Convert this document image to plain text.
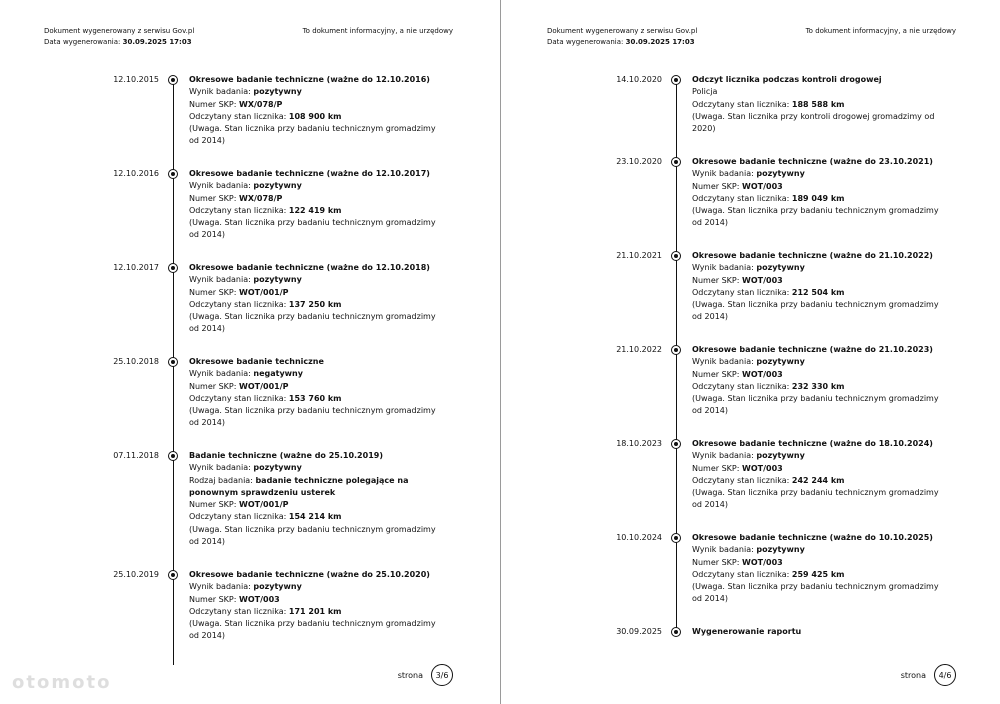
Dokument wygenerowany z serwisu Gov.pl
Data wygenerowania: 30.09.2025 17:03
To dokument informacyjny, a nie urzędowy
12.10.2015	Okresowe badanie techniczne (ważne do 12.10.2016)
Wynik badania: pozytywny
Numer SKP: WX/078/P
Odczytany stan licznika: 108 900 km
(Uwaga. Stan licznika przy badaniu technicznym gromadzimy od 2014)
12.10.2016	Okresowe badanie techniczne (ważne do 12.10.2017)
Wynik badania: pozytywny
Numer SKP: WX/078/P
Odczytany stan licznika: 122 419 km
(Uwaga. Stan licznika przy badaniu technicznym gromadzimy od 2014)
12.10.2017	Okresowe badanie techniczne (ważne do 12.10.2018)
Wynik badania: pozytywny
Numer SKP: WOT/001/P
Odczytany stan licznika: 137 250 km
(Uwaga. Stan licznika przy badaniu technicznym gromadzimy od 2014)
25.10.2018	Okresowe badanie techniczne
Wynik badania: negatywny
Numer SKP: WOT/001/P
Odczytany stan licznika: 153 760 km
(Uwaga. Stan licznika przy badaniu technicznym gromadzimy od 2014)
07.11.2018	Badanie techniczne (ważne do 25.10.2019)
Wynik badania: pozytywny
Rodzaj badania: badanie techniczne polegające na ponownym sprawdzeniu usterek
Numer SKP: WOT/001/P
Odczytany stan licznika: 154 214 km
(Uwaga. Stan licznika przy badaniu technicznym gromadzimy od 2014)
25.10.2019	Okresowe badanie techniczne (ważne do 25.10.2020)
Wynik badania: pozytywny
Numer SKP: WOT/003
Odczytany stan licznika: 171 201 km
(Uwaga. Stan licznika przy badaniu technicznym gromadzimy od 2014)
strona	3/6
otomoto
Dokument wygenerowany z serwisu Gov.pl
Data wygenerowania: 30.09.2025 17:03
To dokument informacyjny, a nie urzędowy
14.10.2020	Odczyt licznika podczas kontroli drogowej
Policja
Odczytany stan licznika: 188 588 km
(Uwaga. Stan licznika przy kontroli drogowej gromadzimy od 2020)
23.10.2020	Okresowe badanie techniczne (ważne do 23.10.2021)
Wynik badania: pozytywny
Numer SKP: WOT/003
Odczytany stan licznika: 189 049 km
(Uwaga. Stan licznika przy badaniu technicznym gromadzimy od 2014)
21.10.2021	Okresowe badanie techniczne (ważne do 21.10.2022)
Wynik badania: pozytywny
Numer SKP: WOT/003
Odczytany stan licznika: 212 504 km
(Uwaga. Stan licznika przy badaniu technicznym gromadzimy od 2014)
21.10.2022	Okresowe badanie techniczne (ważne do 21.10.2023)
Wynik badania: pozytywny
Numer SKP: WOT/003
Odczytany stan licznika: 232 330 km
(Uwaga. Stan licznika przy badaniu technicznym gromadzimy od 2014)
18.10.2023	Okresowe badanie techniczne (ważne do 18.10.2024)
Wynik badania: pozytywny
Numer SKP: WOT/003
Odczytany stan licznika: 242 244 km
(Uwaga. Stan licznika przy badaniu technicznym gromadzimy od 2014)
10.10.2024	Okresowe badanie techniczne (ważne do 10.10.2025)
Wynik badania: pozytywny
Numer SKP: WOT/003
Odczytany stan licznika: 259 425 km
(Uwaga. Stan licznika przy badaniu technicznym gromadzimy od 2014)
30.09.2025	Wygenerowanie raportu
strona	4/6
